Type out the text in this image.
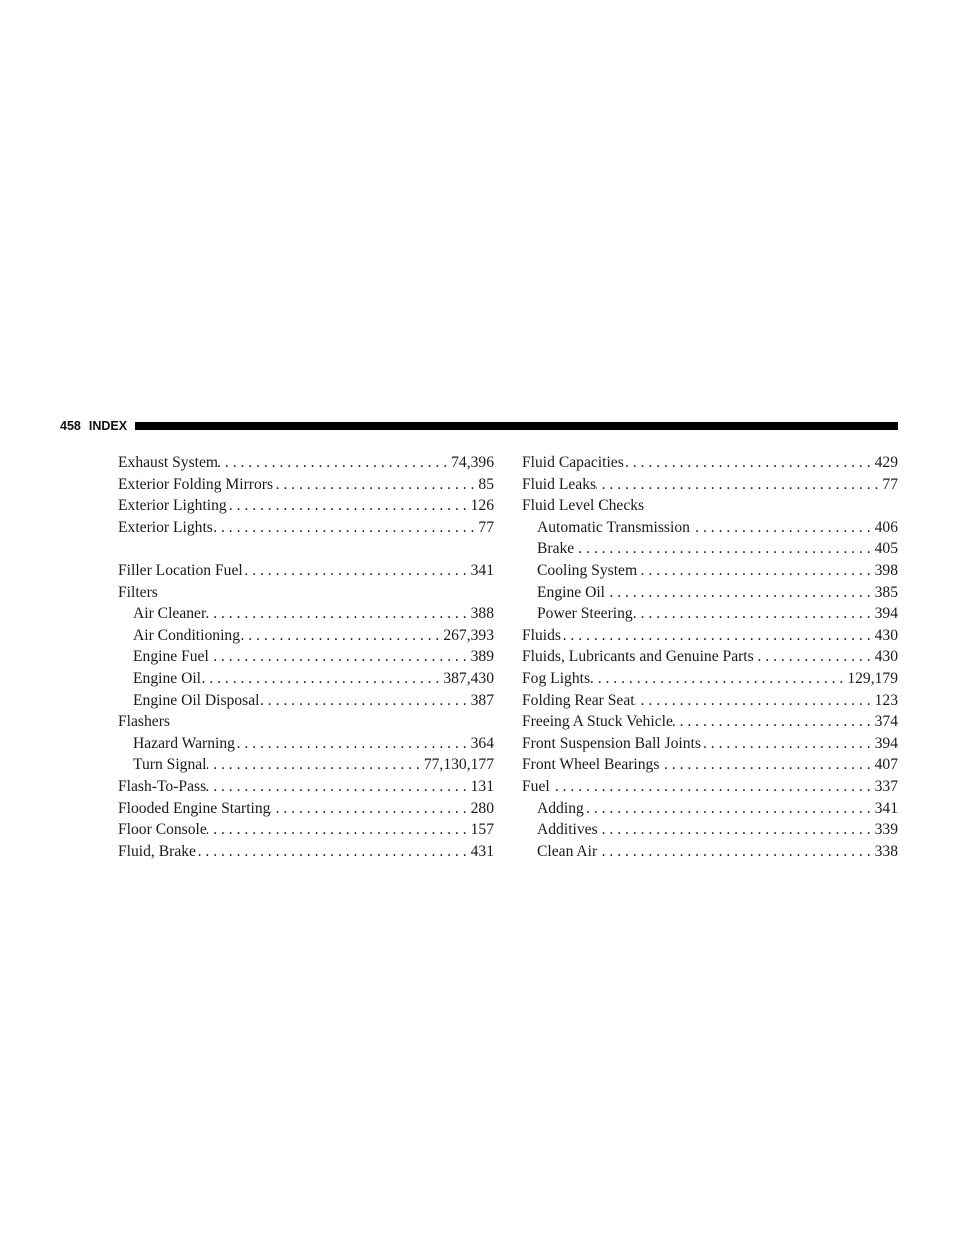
458 INDEX
Exhaust System . . .	74,396
Exterior Folding Mirrors . . .	85
Exterior Lighting . . .	126
Exterior Lights . . .	77
Filler Location Fuel . . .	341
Filters
Air Cleaner . . .	388
Air Conditioning . . .	267,393
Engine Fuel . . .	389
Engine Oil . . .	387,430
Engine Oil Disposal . . .	387
Flashers
Hazard Warning . . .	364
Turn Signal . . .	77,130,177
Flash-To-Pass . . .	131
Flooded Engine Starting . . .	280
Floor Console . . .	157
Fluid, Brake . . .	431
Fluid Capacities . . .	429
Fluid Leaks . . .	77
Fluid Level Checks
Automatic Transmission . . .	406
Brake . . .	405
Cooling System . . .	398
Engine Oil . . .	385
Power Steering . . .	394
Fluids . . .	430
Fluids, Lubricants and Genuine Parts . . .	430
Fog Lights . . .	129,179
Folding Rear Seat . . .	123
Freeing A Stuck Vehicle . . .	374
Front Suspension Ball Joints . . .	394
Front Wheel Bearings . . .	407
Fuel . . .	337
Adding . . .	341
Additives . . .	339
Clean Air . . .	338
